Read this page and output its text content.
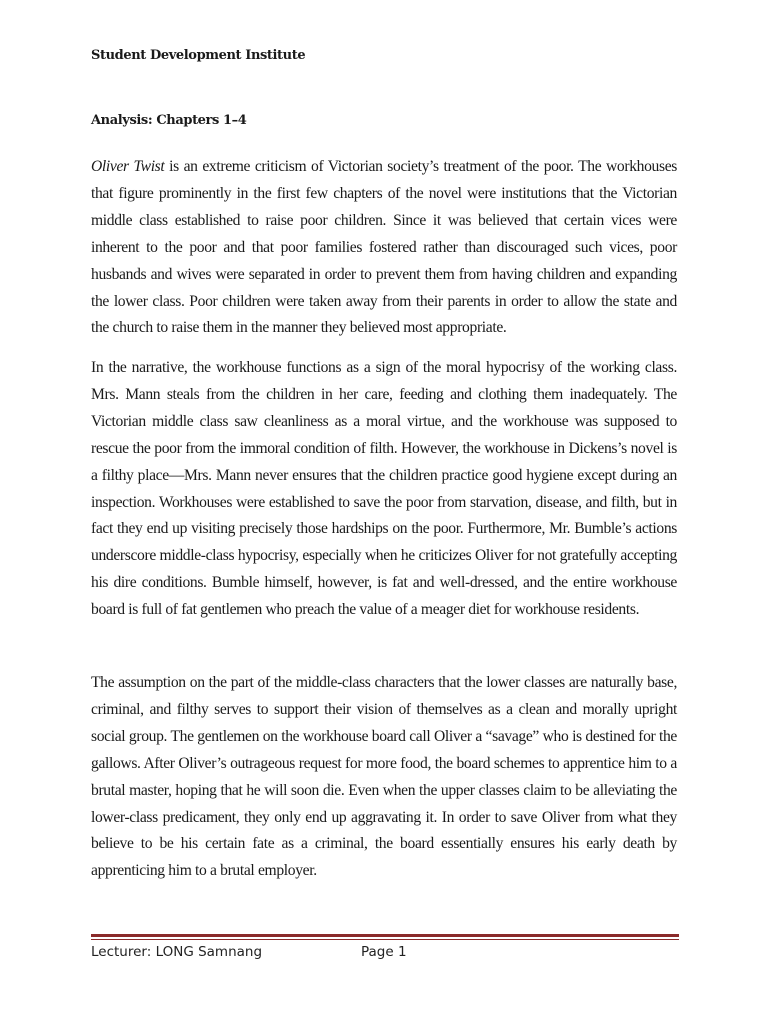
Student Development Institute
Analysis: Chapters 1–4

Oliver Twist is an extreme criticism of Victorian society’s treatment of the poor. The workhouses that figure prominently in the first few chapters of the novel were institutions that the Victorian middle class established to raise poor children. Since it was believed that certain vices were inherent to the poor and that poor families fostered rather than discouraged such vices, poor husbands and wives were separated in order to prevent them from having children and expanding the lower class. Poor children were taken away from their parents in order to allow the state and the church to raise them in the manner they believed most appropriate.

In the narrative, the workhouse functions as a sign of the moral hypocrisy of the working class. Mrs. Mann steals from the children in her care, feeding and clothing them inadequately. The Victorian middle class saw cleanliness as a moral virtue, and the workhouse was supposed to rescue the poor from the immoral condition of filth. However, the workhouse in Dickens’s novel is a filthy place—Mrs. Mann never ensures that the children practice good hygiene except during an inspection. Workhouses were established to save the poor from starvation, disease, and filth, but in fact they end up visiting precisely those hardships on the poor. Furthermore, Mr. Bumble’s actions underscore middle-class hypocrisy, especially when he criticizes Oliver for not gratefully accepting his dire conditions. Bumble himself, however, is fat and well-dressed, and the entire workhouse board is full of fat gentlemen who preach the value of a meager diet for workhouse residents.

The assumption on the part of the middle-class characters that the lower classes are naturally base, criminal, and filthy serves to support their vision of themselves as a clean and morally upright social group. The gentlemen on the workhouse board call Oliver a “savage” who is destined for the gallows. After Oliver’s outrageous request for more food, the board schemes to apprentice him to a brutal master, hoping that he will soon die. Even when the upper classes claim to be alleviating the lower-class predicament, they only end up aggravating it. In order to save Oliver from what they believe to be his certain fate as a criminal, the board essentially ensures his early death by apprenticing him to a brutal employer.

Lecturer: LONG Samnang	Page 1
